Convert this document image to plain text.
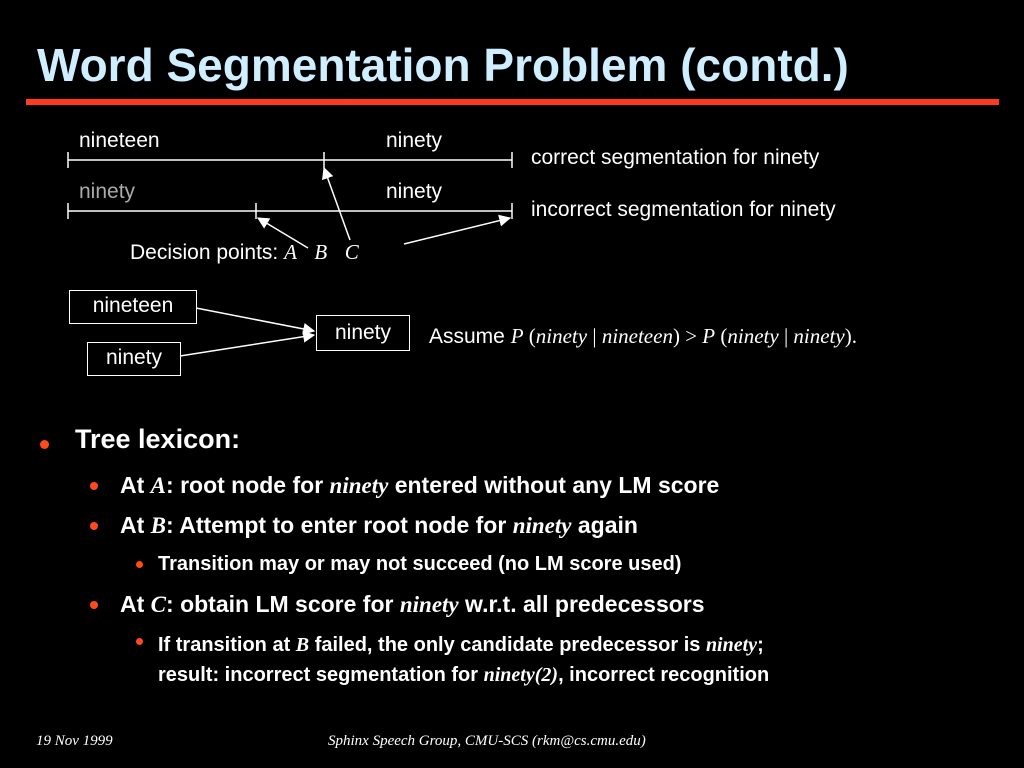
Word Segmentation Problem (contd.)
nineteen	ninety
correct segmentation for ninety
ninety	ninety
incorrect segmentation for ninety
Decision points: A B C
nineteen
ninety
ninety	Assume P (ninety | nineteen) > P (ninety | ninety).
Tree lexicon:
At A: root node for ninety entered without any LM score
At B: Attempt to enter root node for ninety again
Transition may or may not succeed (no LM score used)
At C: obtain LM score for ninety w.r.t. all predecessors
If transition at B failed, the only candidate predecessor is ninety;
result: incorrect segmentation for ninety(2), incorrect recognition
19 Nov 1999	Sphinx Speech Group, CMU-SCS (rkm@cs.cmu.edu)
